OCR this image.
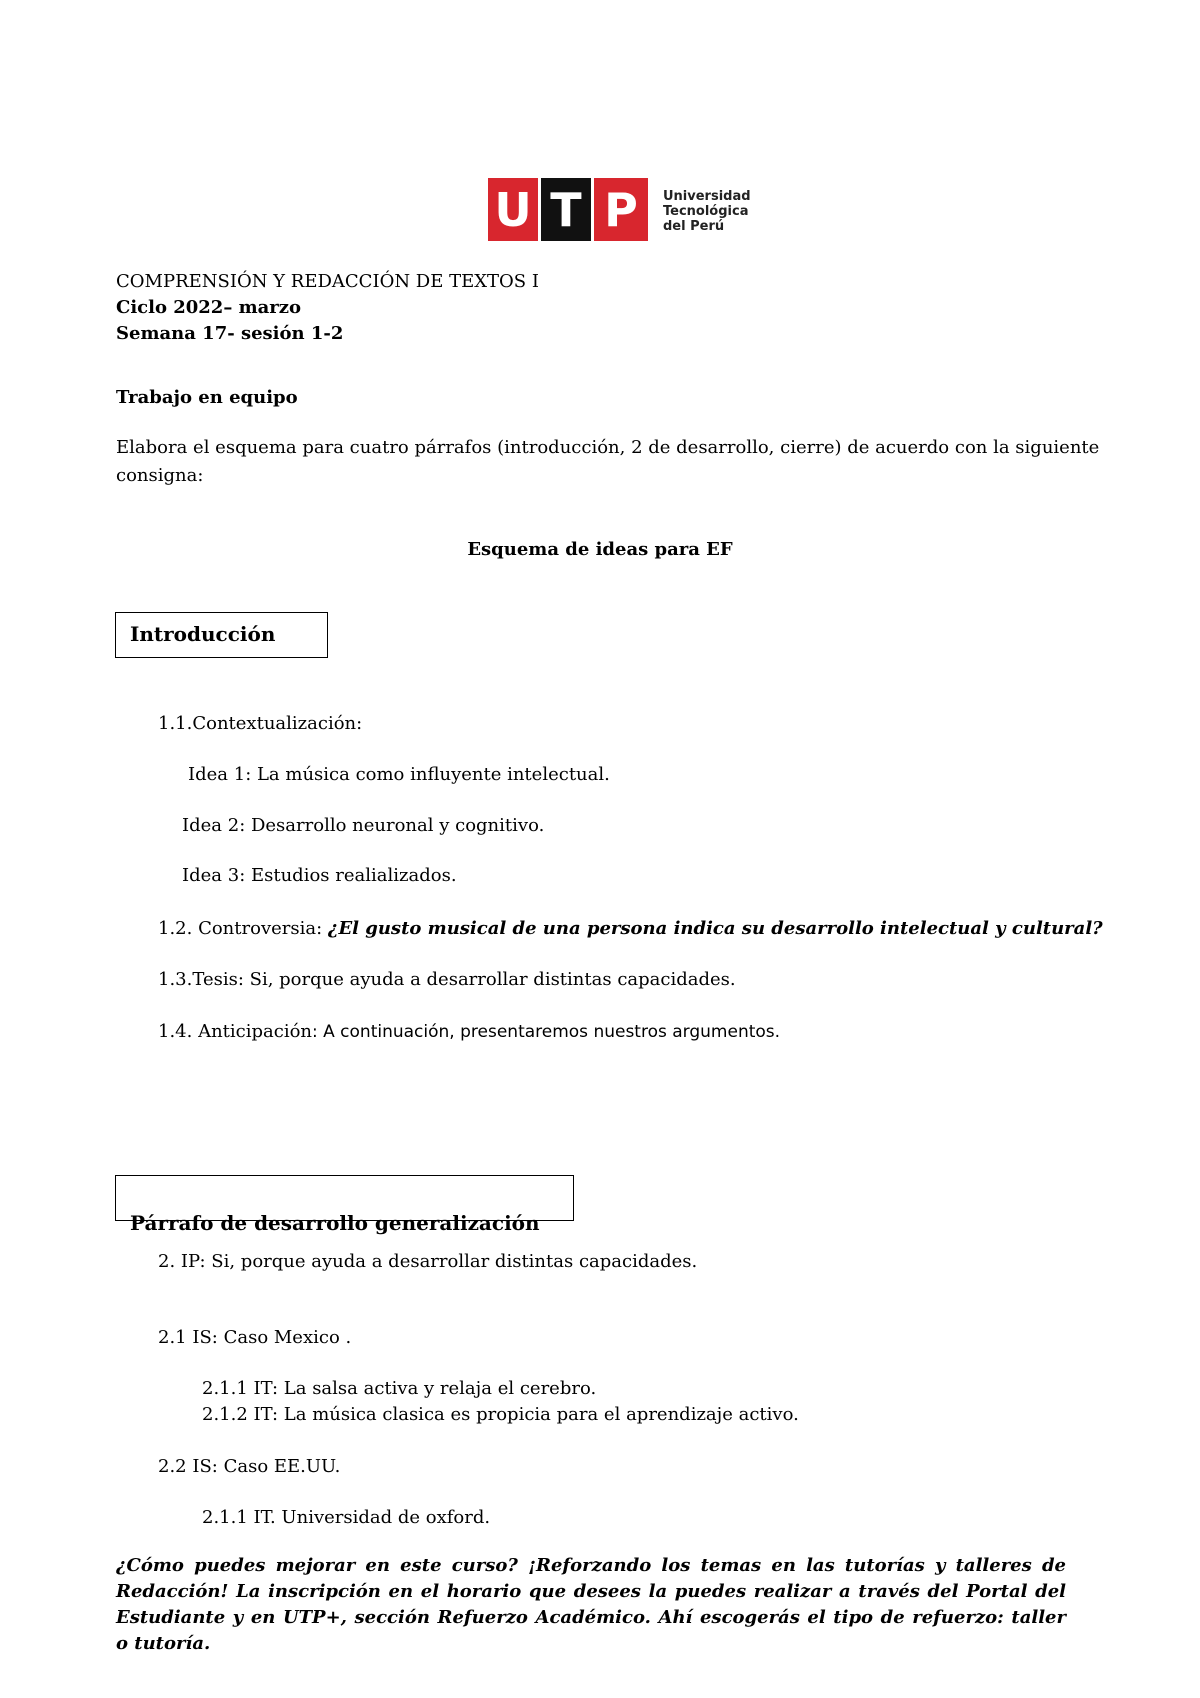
U T P	Universidad
Tecnológica
del Perú
COMPRENSIÓN Y REDACCIÓN DE TEXTOS I
Ciclo 2022– marzo
Semana 17- sesión 1-2
Trabajo en equipo
Elabora el esquema para cuatro párrafos (introducción, 2 de desarrollo, cierre) de acuerdo con la siguiente
consigna:
Esquema de ideas para EF
Introducción
1.1.Contextualización:
Idea 1: La música como influyente intelectual.
Idea 2: Desarrollo neuronal y cognitivo.
Idea 3: Estudios realializados.
1.2. Controversia: ¿El gusto musical de una persona indica su desarrollo intelectual y cultural?
1.3.Tesis: Si, porque ayuda a desarrollar distintas capacidades.
1.4. Anticipación: A continuación, presentaremos nuestros argumentos.
Párrafo de desarrollo generalización
2. IP: Si, porque ayuda a desarrollar distintas capacidades.
2.1 IS: Caso Mexico .
2.1.1 IT: La salsa activa y relaja el cerebro.
2.1.2 IT: La música clasica es propicia para el aprendizaje activo.
2.2 IS: Caso EE.UU.
2.1.1 IT. Universidad de oxford.
¿Cómo puedes mejorar en este curso? ¡Reforzando los temas en las tutorías y talleres de Redacción! La inscripción en el horario que desees la puedes realizar a través del Portal del Estudiante y en UTP+, sección Refuerzo Académico. Ahí escogerás el tipo de refuerzo: taller o tutoría.
